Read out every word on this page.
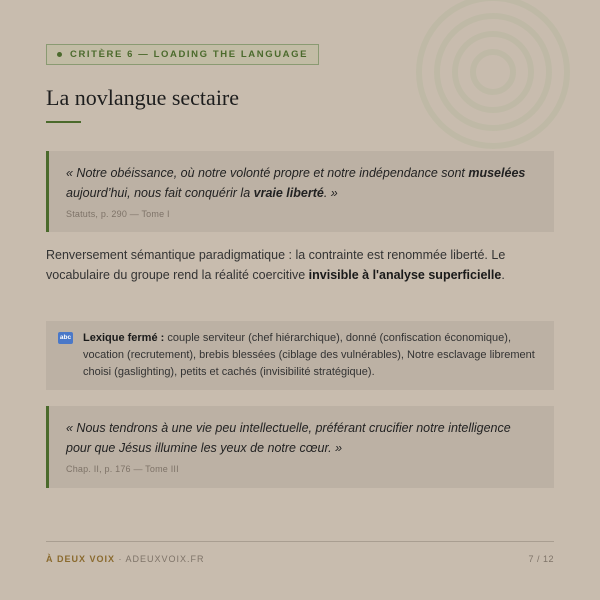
CRITÈRE 6 — LOADING THE LANGUAGE
La novlangue sectaire
« Notre obéissance, où notre volonté propre et notre indépendance sont muselées aujourd’hui, nous fait conquérir la vraie liberté. »
Statuts, p. 290 — Tome I
Renversement sémantique paradigmatique : la contrainte est renommée liberté. Le vocabulaire du groupe rend la réalité coercitive invisible à l'analyse superficielle.
abc Lexique fermé : couple serviteur (chef hiérarchique), donné (confiscation économique), vocation (recrutement), brebis blessées (ciblage des vulnérables), Notre esclavage librement choisi (gaslighting), petits et cachés (invisibilité stratégique).
« Nous tendrons à une vie peu intellectuelle, préférant crucifier notre intelligence pour que Jésus illumine les yeux de notre cœur. »
Chap. II, p. 176 — Tome III
À DEUX VOIX · ADEUXVOIX.FR	7 / 12
